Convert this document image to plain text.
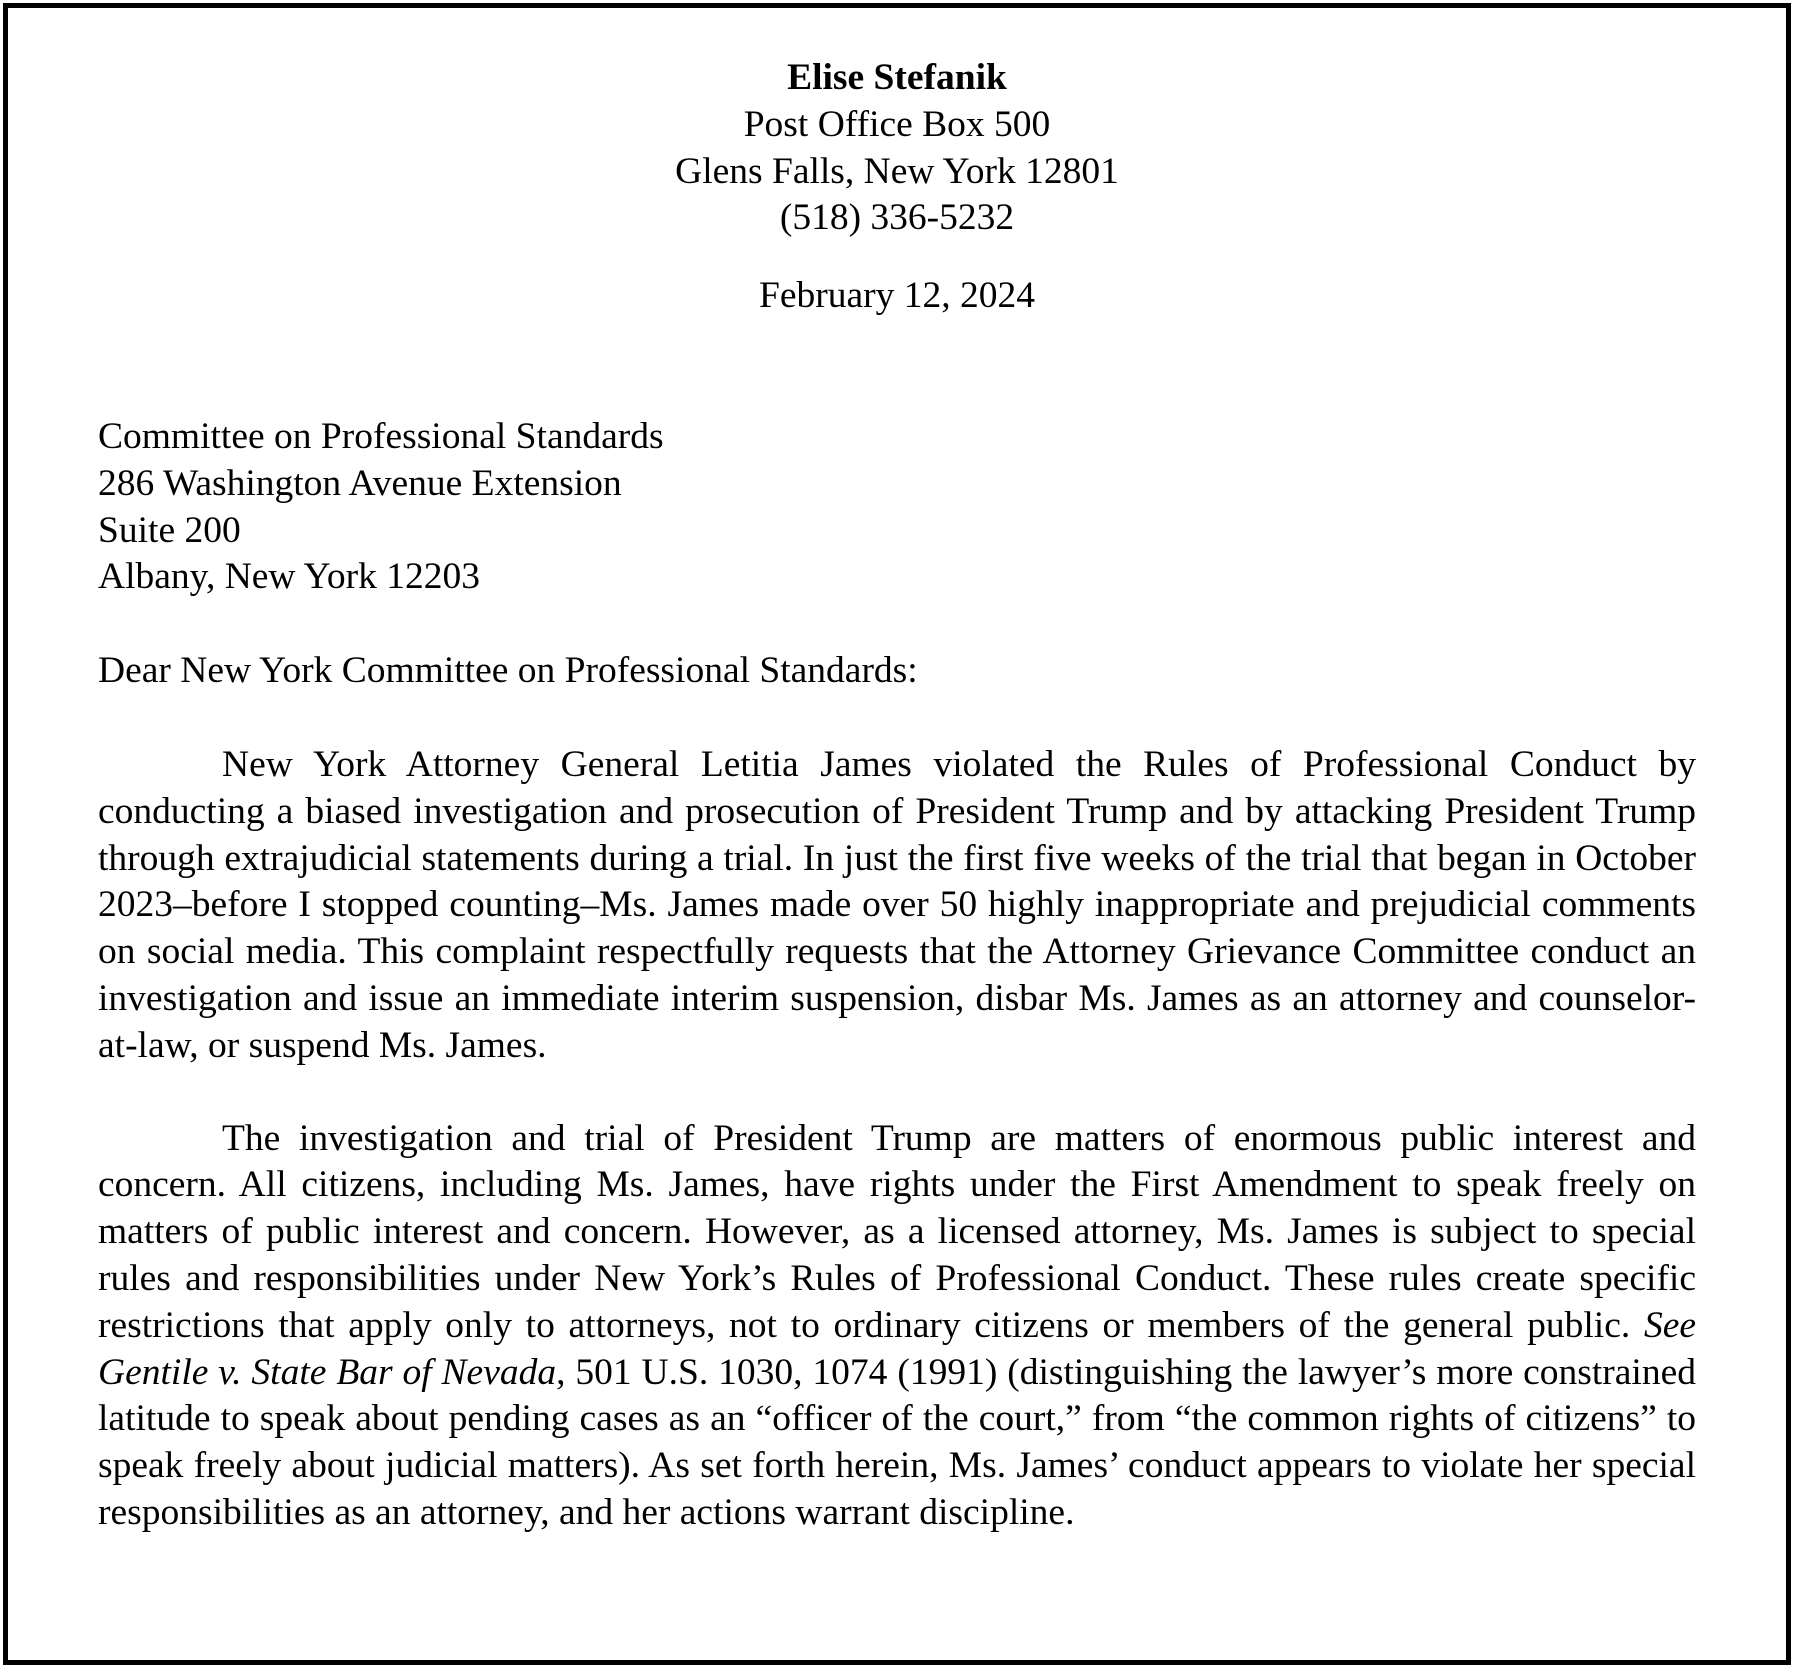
Elise Stefanik
Post Office Box 500
Glens Falls, New York 12801
(518) 336-5232
February 12, 2024
Committee on Professional Standards
286 Washington Avenue Extension
Suite 200
Albany, New York 12203
Dear New York Committee on Professional Standards:

New York Attorney General Letitia James violated the Rules of Professional Conduct by conducting a biased investigation and prosecution of President Trump and by attacking President Trump through extrajudicial statements during a trial. In just the first five weeks of the trial that began in October 2023–before I stopped counting–Ms. James made over 50 highly inappropriate and prejudicial comments on social media. This complaint respectfully requests that the Attorney Grievance Committee conduct an investigation and issue an immediate interim suspension, disbar Ms. James as an attorney and counselor-at-law, or suspend Ms. James.

The investigation and trial of President Trump are matters of enormous public interest and concern. All citizens, including Ms. James, have rights under the First Amendment to speak freely on matters of public interest and concern. However, as a licensed attorney, Ms. James is subject to special rules and responsibilities under New York’s Rules of Professional Conduct. These rules create specific restrictions that apply only to attorneys, not to ordinary citizens or members of the general public. See Gentile v. State Bar of Nevada, 501 U.S. 1030, 1074 (1991) (distinguishing the lawyer’s more constrained latitude to speak about pending cases as an “officer of the court,” from “the common rights of citizens” to speak freely about judicial matters). As set forth herein, Ms. James’ conduct appears to violate her special responsibilities as an attorney, and her actions warrant discipline.
